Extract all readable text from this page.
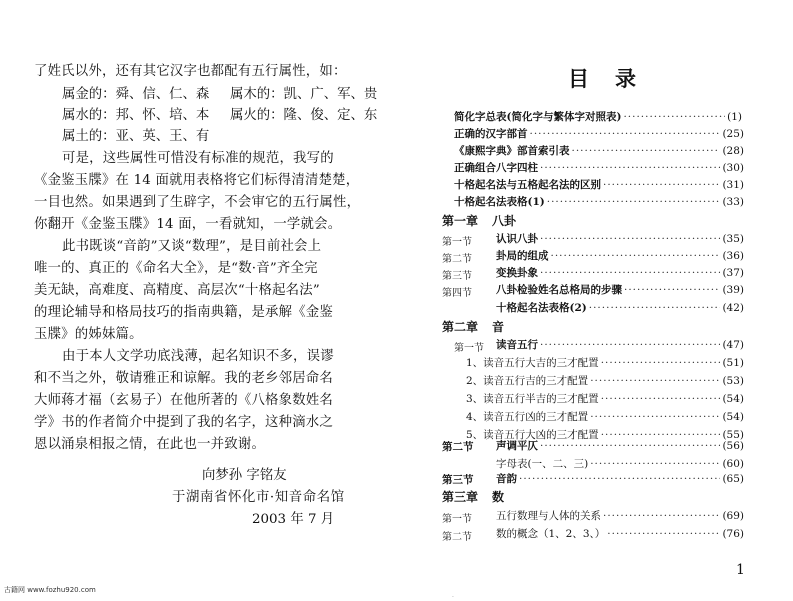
了姓氏以外，还有其它汉字也都配有五行属性，如：
属金的：舜、信、仁、森 属木的：凯、广、军、贵
属水的：邦、怀、培、本 属火的：隆、俊、定、东
属土的：亚、英、王、有
可是，这些属性可惜没有标准的规范，我写的
《金鉴玉牒》在 14 面就用表格将它们标得清清楚楚，
一目也然。如果遇到了生辟字，不会审它的五行属性，
你翻开《金鉴玉牒》14 面，一看就知，一学就会。
此书既谈“音韵”又谈“数理”，是目前社会上
唯一的、真正的《命名大全》，是“数·音”齐全完
美无缺，高难度、高精度、高层次“十格起名法”
的理论辅导和格局技巧的指南典籍，是承解《金鉴
玉牒》的姊妹篇。
由于本人文学功底浅薄，起名知识不多，误谬
和不当之外，敬请雅正和谅解。我的老乡邻居命名
大师蒋才福（玄易子）在他所著的《八格象数姓名
学》书的作者简介中提到了我的名字，这种滴水之
恩以涌泉相报之情，在此也一并致谢。
向梦孙 字铭友
于湖南省怀化市·知音命名馆
2003 年 7 月
古籍网 www.fozhu920.com
目录
简化字总表(简化字与繁体字对照表) ·····	(1)
正确的汉字部首 ·····	(25)
《康熙字典》部首索引表 ·····	(28)
正确组合八字四柱 ·····	(30)
十格起名法与五格起名法的区别 ·····	(31)
十格起名法表格(1) ·····	(33)
第一章 八卦
第一节 认识八卦 ·····	(35)
第二节 卦局的组成 ·····	(36)
第三节 变换卦象 ·····	(37)
第四节 八卦检验姓名总格局的步骤 ·····	(39)
十格起名法表格(2) ·····	(42)
第二章 音
第一节 读音五行 ·····	(47)
1、读音五行大吉的三才配置 ·····	(51)
2、读音五行吉的三才配置 ·····	(53)
3、读音五行半吉的三才配置 ·····	(54)
4、读音五行凶的三才配置 ·····	(54)
5、读音五行大凶的三才配置 ·····	(55)
第二节 声调平仄 ·····	(56)
字母表(一、二、三) ·····	(60)
第三节 音韵 ·····	(65)
第三章 数
第一节 五行数理与人体的关系 ·····	(69)
第二节 数的概念（1、2、3、） ·····	(76)
1
·
